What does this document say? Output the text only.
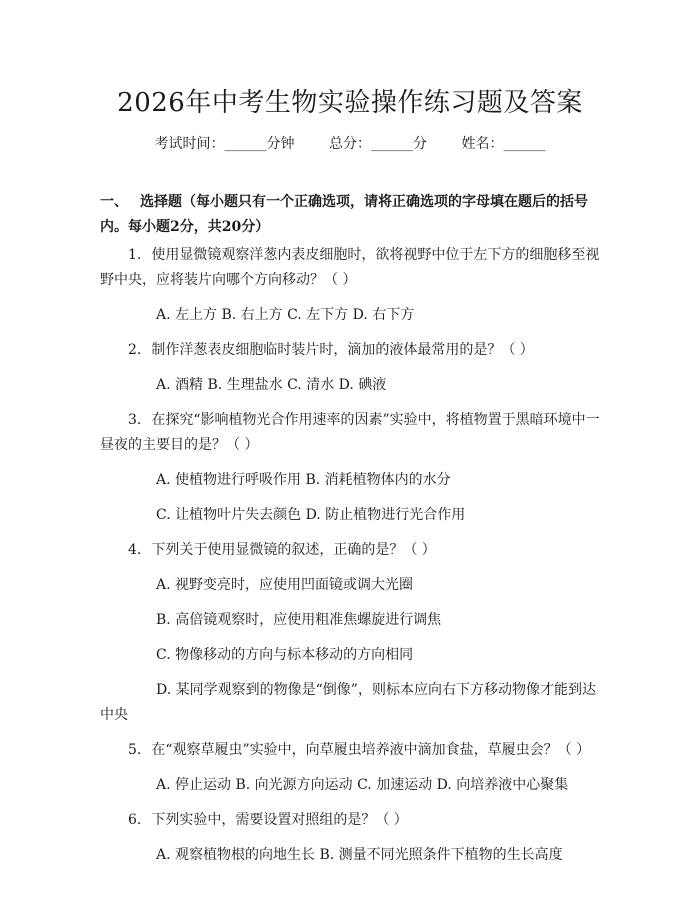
2026年中考生物实验操作练习题及答案
考试时间：______分钟 总分：______分 姓名：______

一、 选择题（每小题只有一个正确选项，请将正确选项的字母填在题后的括号内。每小题2分，共20分）

1. 使用显微镜观察洋葱内表皮细胞时，欲将视野中位于左下方的细胞移至视野中央，应将装片向哪个方向移动？（ ）

A. 左上方 B. 右上方 C. 左下方 D. 右下方

2. 制作洋葱表皮细胞临时装片时，滴加的液体最常用的是？（ ）

A. 酒精 B. 生理盐水 C. 清水 D. 碘液

3. 在探究“影响植物光合作用速率的因素”实验中，将植物置于黑暗环境中一昼夜的主要目的是？（ ）

A. 使植物进行呼吸作用 B. 消耗植物体内的水分

C. 让植物叶片失去颜色 D. 防止植物进行光合作用

4. 下列关于使用显微镜的叙述，正确的是？（ ）

A. 视野变亮时，应使用凹面镜或调大光圈

B. 高倍镜观察时，应使用粗准焦螺旋进行调焦

C. 物像移动的方向与标本移动的方向相同

D. 某同学观察到的物像是“倒像”，则标本应向右下方移动物像才能到达中央

5. 在“观察草履虫”实验中，向草履虫培养液中滴加食盐，草履虫会？（ ）

A. 停止运动 B. 向光源方向运动 C. 加速运动 D. 向培养液中心聚集

6. 下列实验中，需要设置对照组的是？（ ）

A. 观察植物根的向地生长 B. 测量不同光照条件下植物的生长高度
